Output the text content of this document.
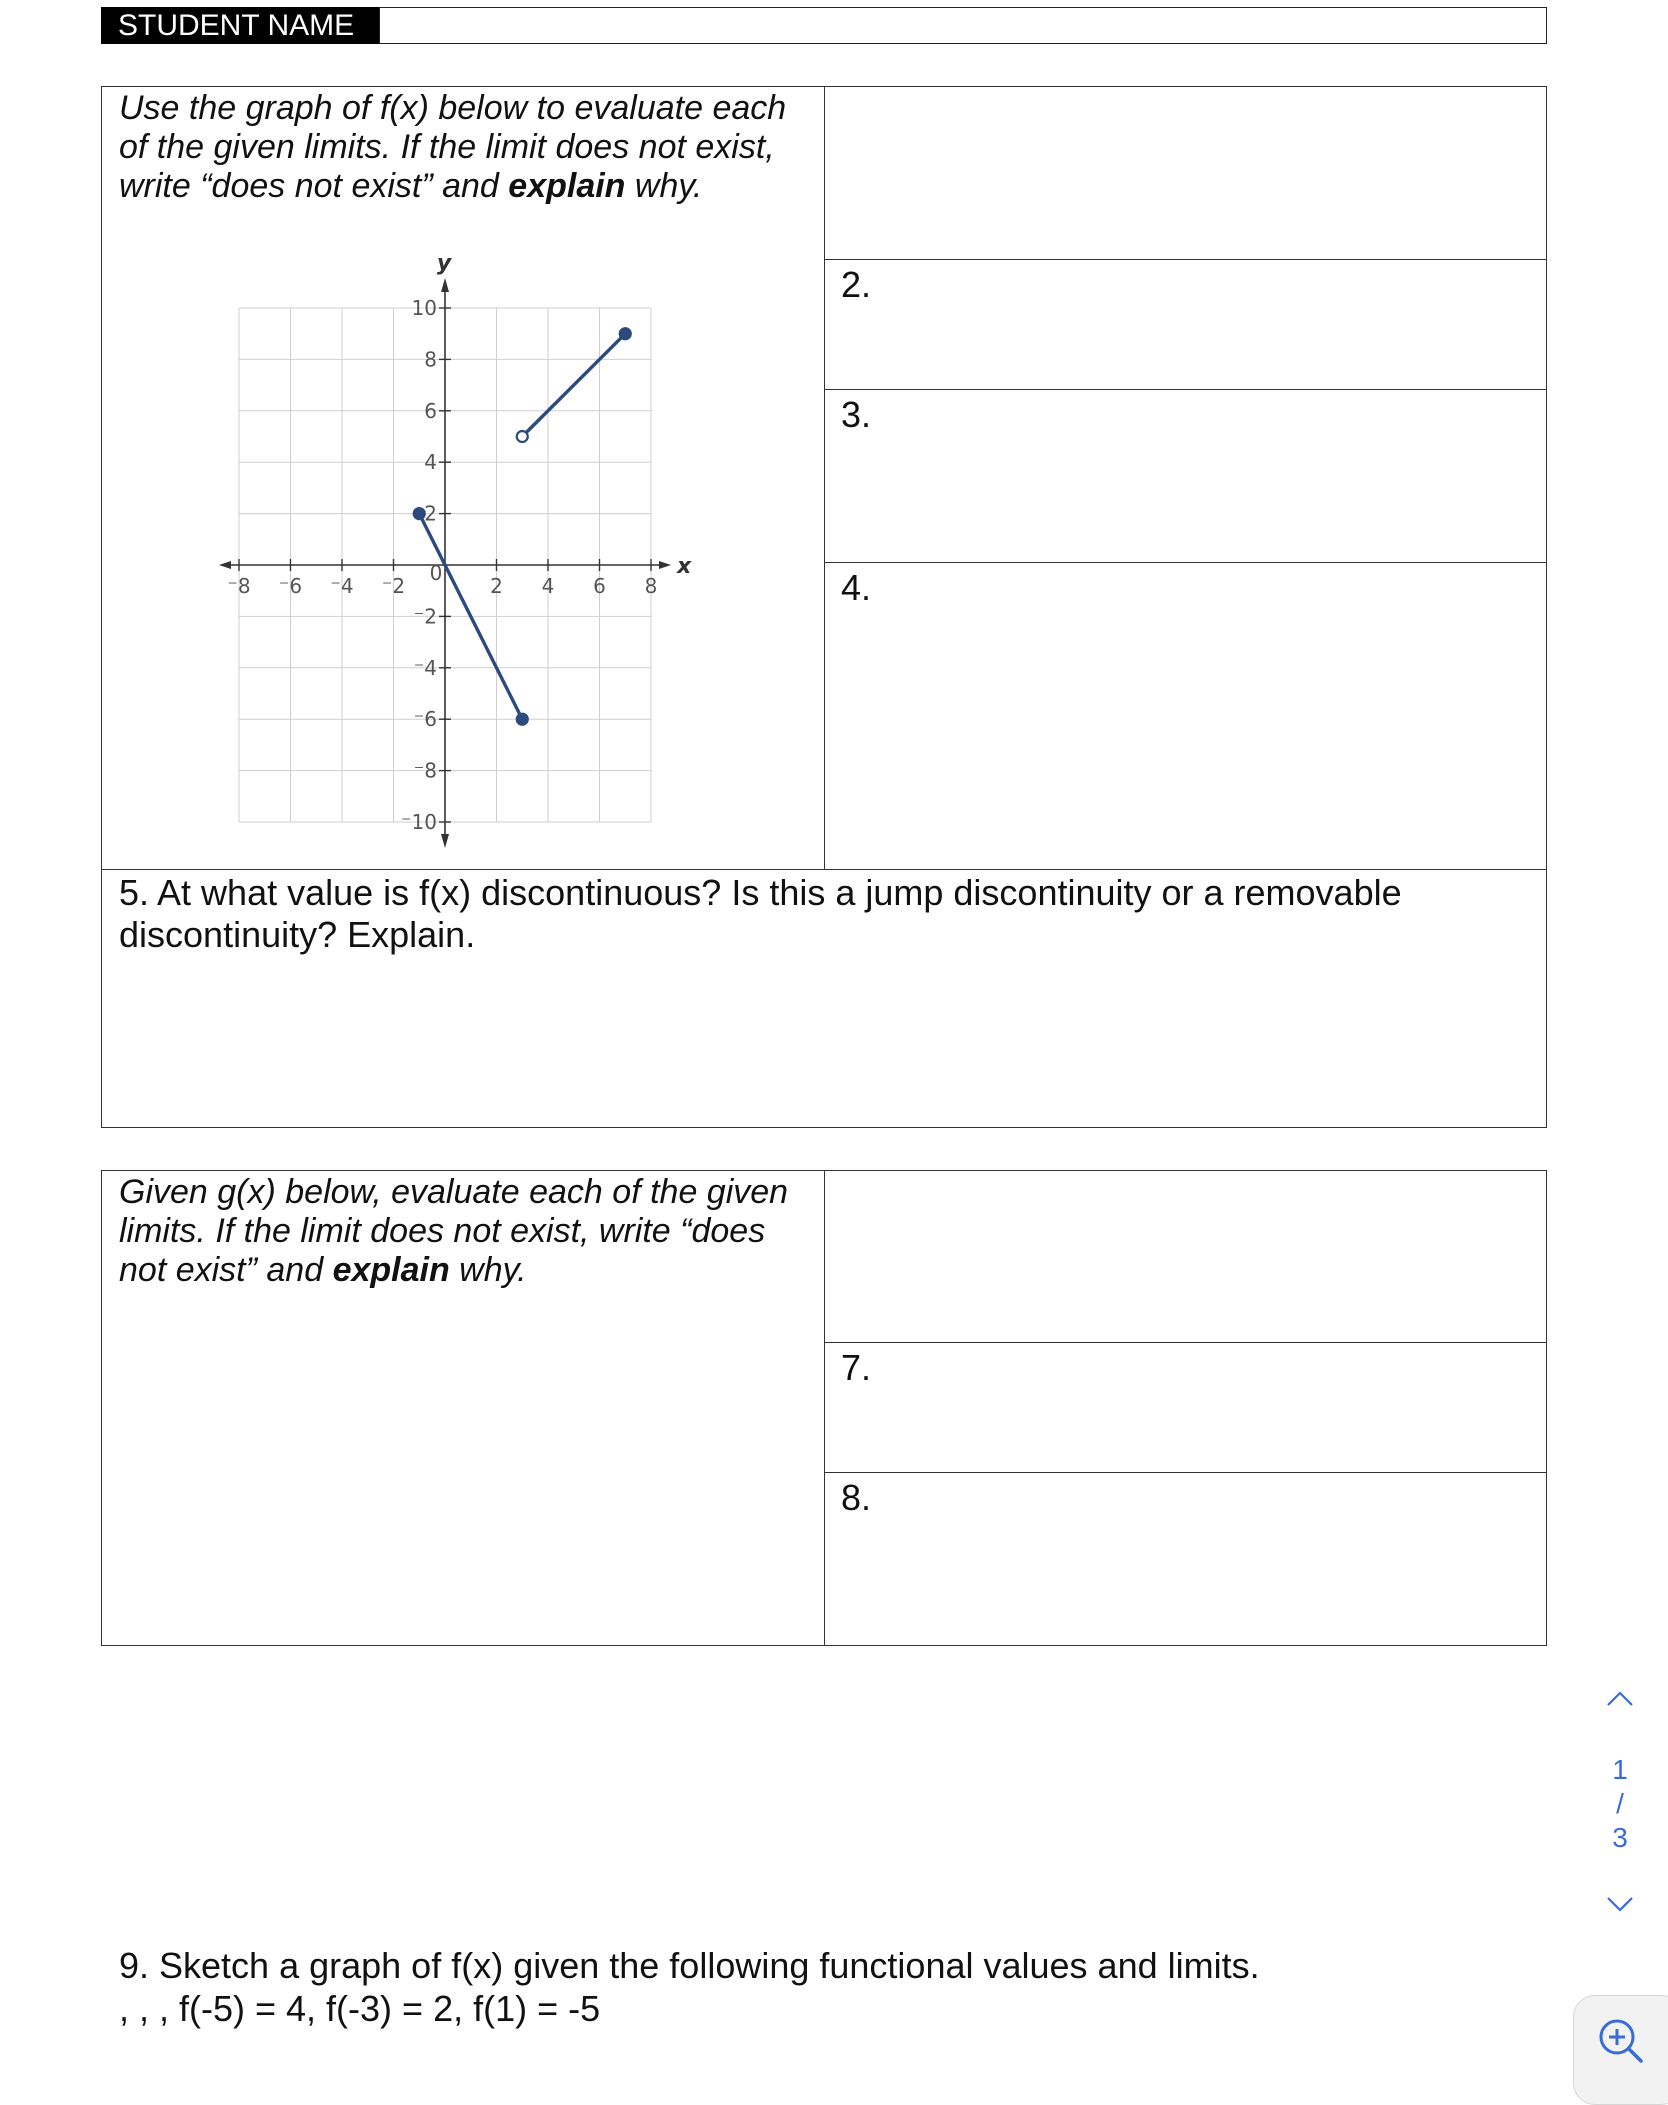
STUDENT NAME
Use the graph of f(x) below to evaluate each of the given limits. If the limit does not exist, write “does not exist” and explain why.
2.
3.
4.
5. At what value is f(x) discontinuous? Is this a jump discontinuity or a removable discontinuity? Explain.
x
y
⁻8 ⁻6 ⁻4 ⁻2
0
2 4 6 8
10
8
6
4
2
⁻2
⁻4
⁻6
⁻8
⁻10
Given g(x) below, evaluate each of the given limits. If the limit does not exist, write “does not exist” and explain why.
7.
8.
9. Sketch a graph of f(x) given the following functional values and limits.
, , , f(-5) = 4, f(-3) = 2, f(1) = -5
1
/
3
